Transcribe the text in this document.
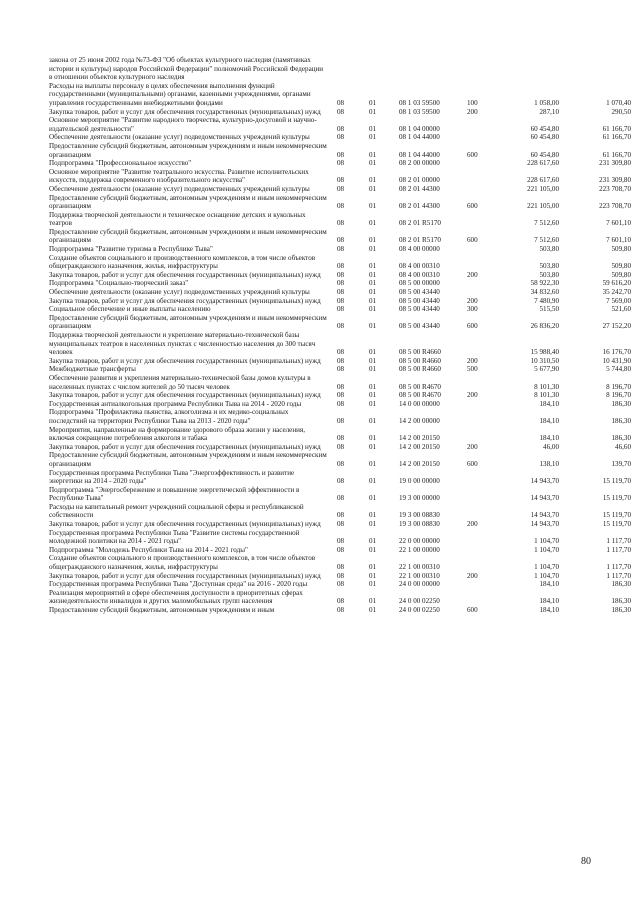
закона от 25 июня 2002 года №73-ФЗ "Об объектах культурного наследия (памятниках истории и культуры) народов Российской Федерации" полномочий Российской Федерации в отношении объектов культурного наследия						
Расходы на выплаты персоналу в целях обеспечения выполнения функций государственными (муниципальными) органами, казенными учреждениями, органами управления государственными внебюджетными фондами	08	01	08 1 03 59500	100	1 058,00	1 070,40
Закупка товаров, работ и услуг для обеспечения государственных (муниципальных) нужд	08	01	08 1 03 59500	200	287,10	290,50
Основное мероприятие "Развитие народного творчества, культурно-досуговой и научно-издательской деятельности"	08	01	08 1 04 00000		60 454,80	61 166,70
Обеспечение деятельности (оказание услуг) подведомственных учреждений культуры	08	01	08 1 04 44000		60 454,80	61 166,70
Предоставление субсидий бюджетным, автономным учреждениям и иным некоммерческим организациям	08	01	08 1 04 44000	600	60 454,80	61 166,70
Подпрограмма "Профессиональное искусство"	08	01	08 2 00 00000		228 617,60	231 309,80
Основное мероприятие "Развитие театрального искусства. Развитие исполнительских искусств, поддержка современного изобразительного искусства"	08	01	08 2 01 00000		228 617,60	231 309,80
Обеспечение деятельности (оказание услуг) подведомственных учреждений культуры	08	01	08 2 01 44300		221 105,00	223 708,70
Предоставление субсидий бюджетным, автономным учреждениям и иным некоммерческим организациям	08	01	08 2 01 44300	600	221 105,00	223 708,70
Поддержка творческой деятельности и техническое оснащение детских и кукольных театров	08	01	08 2 01 R5170		7 512,60	7 601,10
Предоставление субсидий бюджетным, автономным учреждениям и иным некоммерческим организациям	08	01	08 2 01 R5170	600	7 512,60	7 601,10
Подпрограмма "Развитие туризма в Республике Тыва"	08	01	08 4 00 00000		503,80	509,80
Создание объектов социального и производственного комплексов, в том числе объектов общегражданского назначения, жилья, инфраструктуры	08	01	08 4 00 00310		503,80	509,80
Закупка товаров, работ и услуг для обеспечения государственных (муниципальных) нужд	08	01	08 4 00 00310	200	503,80	509,80
Подпрограмма "Социально-творческий заказ"	08	01	08 5 00 00000		58 922,30	59 616,20
Обеспечение деятельности (оказание услуг) подведомственных учреждений культуры	08	01	08 5 00 43440		34 832,60	35 242,70
Закупка товаров, работ и услуг для обеспечения государственных (муниципальных) нужд	08	01	08 5 00 43440	200	7 480,90	7 569,00
Социальное обеспечение и иные выплаты населению	08	01	08 5 00 43440	300	515,50	521,60
Предоставление субсидий бюджетным, автономным учреждениям и иным некоммерческим организациям	08	01	08 5 00 43440	600	26 836,20	27 152,20
Поддержка творческой деятельности и укрепление материально-технической базы муниципальных театров в населенных пунктах с численностью населения до 300 тысяч человек	08	01	08 5 00 R4660		15 988,40	16 176,70
Закупка товаров, работ и услуг для обеспечения государственных (муниципальных) нужд	08	01	08 5 00 R4660	200	10 310,50	10 431,90
Межбюджетные трансферты	08	01	08 5 00 R4660	500	5 677,90	5 744,80
Обеспечение развития и укрепления материально-технической базы домов культуры в населенных пунктах с числом жителей до 50 тысяч человек	08	01	08 5 00 R4670		8 101,30	8 196,70
Закупка товаров, работ и услуг для обеспечения государственных (муниципальных) нужд	08	01	08 5 00 R4670	200	8 101,30	8 196,70
Государственная антиалкогольная программа Республики Тыва на 2014 - 2020 годы	08	01	14 0 00 00000		184,10	186,30
Подпрограмма "Профилактика пьянства, алкоголизма и их медико-социальных последствий на территории Республики Тыва на 2013 - 2020 годы"	08	01	14 2 00 00000		184,10	186,30
Мероприятия, направленные на формирование здорового образа жизни у населения, включая сокращение потребления алкоголя и табака	08	01	14 2 00 20150		184,10	186,30
Закупка товаров, работ и услуг для обеспечения государственных (муниципальных) нужд	08	01	14 2 00 20150	200	46,00	46,60
Предоставление субсидий бюджетным, автономным учреждениям и иным некоммерческим организациям	08	01	14 2 00 20150	600	138,10	139,70
Государственная программа Республики Тыва "Энергоэффективность и развитие энергетики на 2014 - 2020 годы"	08	01	19 0 00 00000		14 943,70	15 119,70
Подпрограмма "Энергосбережение и повышение энергетической эффективности в Республике Тыва"	08	01	19 3 00 00000		14 943,70	15 119,70
Расходы на капитальный ремонт учреждений социальной сферы и республиканской собственности	08	01	19 3 00 08830		14 943,70	15 119,70
Закупка товаров, работ и услуг для обеспечения государственных (муниципальных) нужд	08	01	19 3 00 08830	200	14 943,70	15 119,70
Государственная программа Республики Тыва "Развитие системы государственной молодежной политики на 2014 - 2021 годы"	08	01	22 0 00 00000		1 104,70	1 117,70
Подпрограмма "Молодежь Республики Тыва на 2014 - 2021 годы"	08	01	22 1 00 00000		1 104,70	1 117,70
Создание объектов социального и производственного комплексов, в том числе объектов общегражданского назначения, жилья, инфраструктуры	08	01	22 1 00 00310		1 104,70	1 117,70
Закупка товаров, работ и услуг для обеспечения государственных (муниципальных) нужд	08	01	22 1 00 00310	200	1 104,70	1 117,70
Государственная программа Республики Тыва "Доступная среда" на 2016 - 2020 годы	08	01	24 0 00 00000		184,10	186,30
Реализация мероприятий в сфере обеспечения доступности в приоритетных сферах жизнедеятельности инвалидов и других маломобильных групп населения	08	01	24 0 00 02250		184,10	186,30
Предоставление субсидий бюджетным, автономным учреждениям и иным	08	01	24 0 00 02250	600	184,10	186,30
80
